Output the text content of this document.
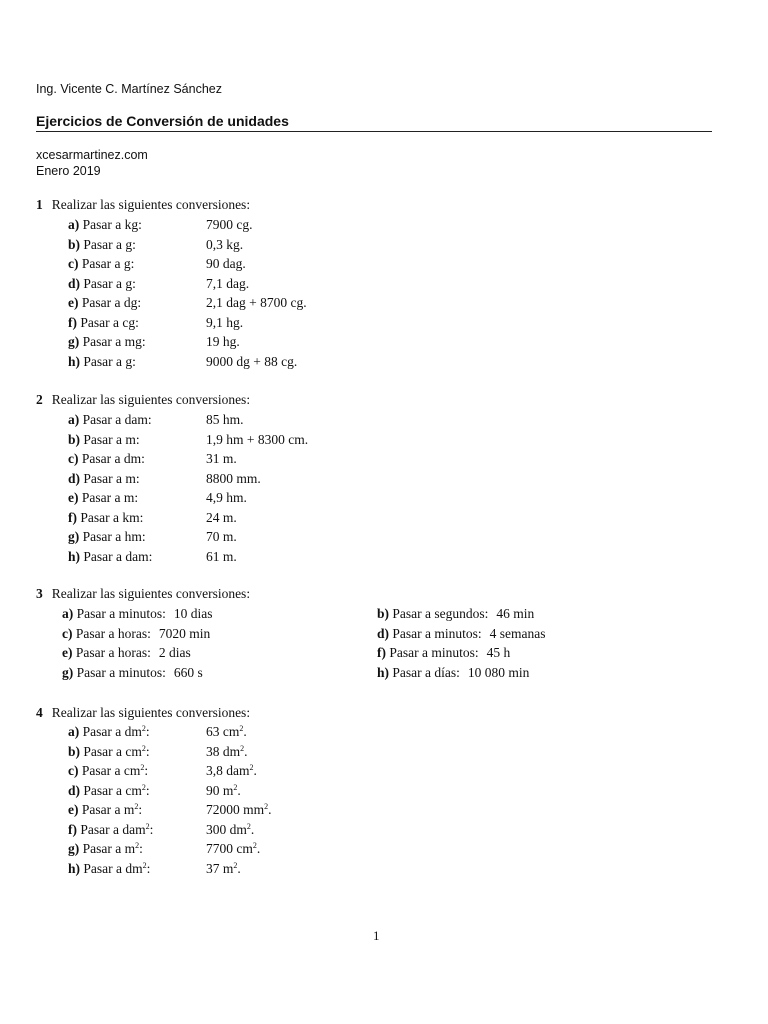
Ing. Vicente C. Martínez Sánchez
Ejercicios de Conversión de unidades
xcesarmartinez.com
Enero 2019
1 Realizar las siguientes conversiones:
a) Pasar a kg:	7900 cg.
b) Pasar a g:	0,3 kg.
c) Pasar a g:	90 dag.
d) Pasar a g:	7,1 dag.
e) Pasar a dg:	2,1 dag + 8700 cg.
f) Pasar a cg:	9,1 hg.
g) Pasar a mg:	19 hg.
h) Pasar a g:	9000 dg + 88 cg.
2 Realizar las siguientes conversiones:
a) Pasar a dam:	85 hm.
b) Pasar a m:	1,9 hm + 8300 cm.
c) Pasar a dm:	31 m.
d) Pasar a m:	8800 mm.
e) Pasar a m:	4,9 hm.
f) Pasar a km:	24 m.
g) Pasar a hm:	70 m.
h) Pasar a dam:	61 m.
3 Realizar las siguientes conversiones:
a) Pasar a minutos: 10 dias	b) Pasar a segundos: 46 min
c) Pasar a horas: 7020 min	d) Pasar a minutos: 4 semanas
e) Pasar a horas: 2 dias	f) Pasar a minutos: 45 h
g) Pasar a minutos: 660 s	h) Pasar a días: 10 080 min
4 Realizar las siguientes conversiones:
a) Pasar a $dm^2$:	63 $cm^2$.
b) Pasar a $cm^2$:	38 $dm^2$.
c) Pasar a $cm^2$:	3,8 dam$^2$.
d) Pasar a $cm^2$:	90 $m^2$.
e) Pasar a $m^2$:	72000 $mm^2$.
f) Pasar a dam$^2$:	300 $dm^2$.
g) Pasar a $m^2$:	7700 $cm^2$.
h) Pasar a $dm^2$:	37 $m^2$.
1
